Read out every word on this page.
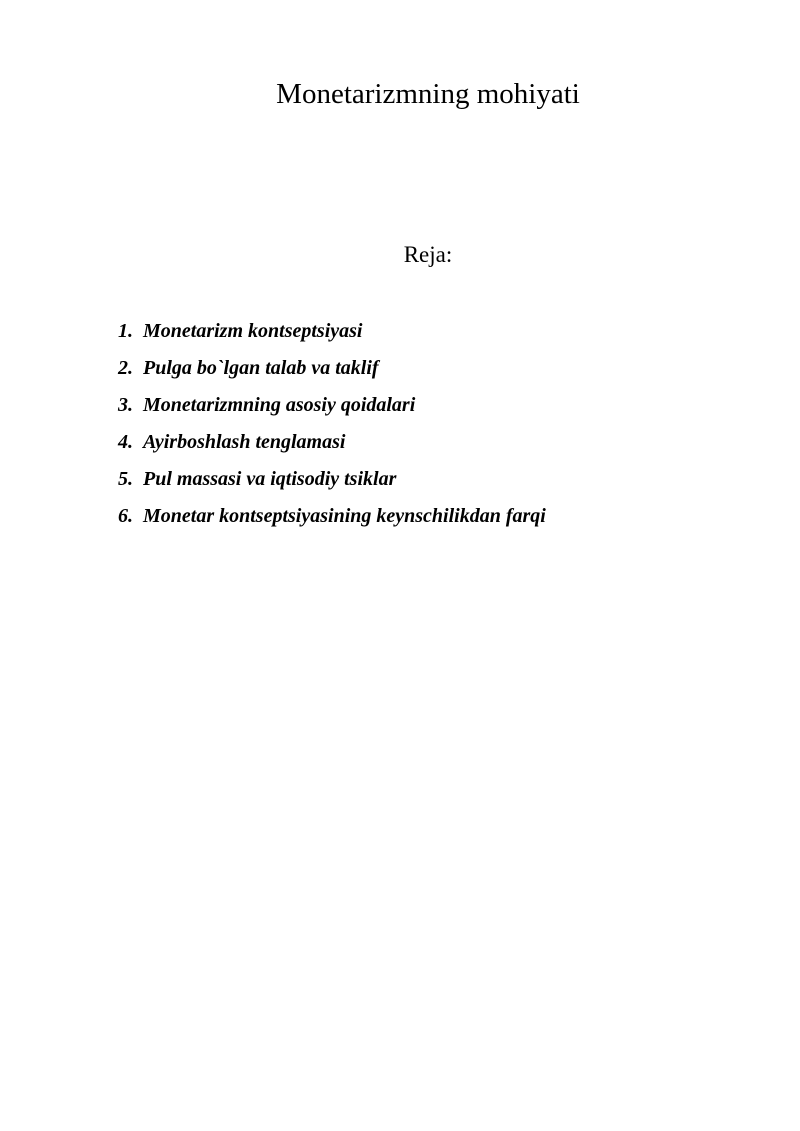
Monetarizmning mohiyati
Reja:
1. Monetarizm kontseptsiyasi
2. Pulga bo`lgan talab va taklif
3. Monetarizmning asosiy qoidalari
4. Ayirboshlash tenglamasi
5. Pul massasi va iqtisodiy tsiklar
6. Monetar kontseptsiyasining keynschilikdan farqi
